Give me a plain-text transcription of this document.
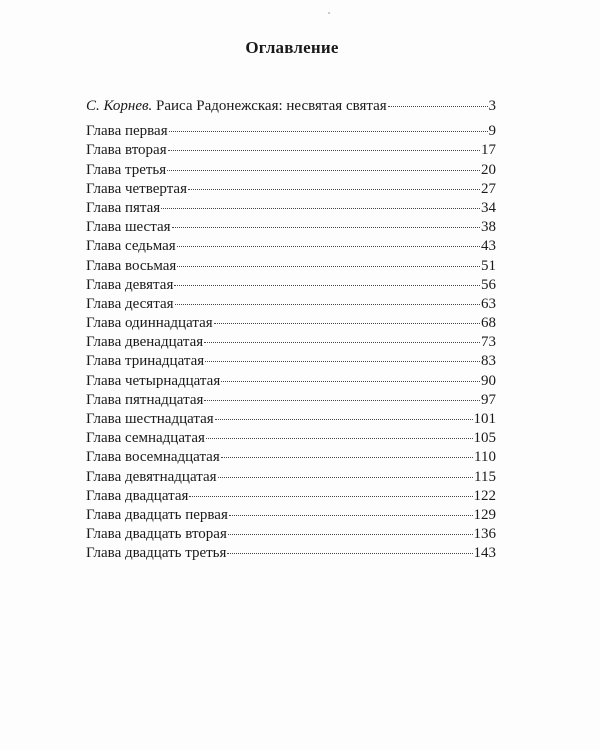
Оглавление
С. Корнев. Раиса Радонежская: несвятая святая	3
Глава первая	9
Глава вторая	17
Глава третья	20
Глава четвертая	27
Глава пятая	34
Глава шестая	38
Глава седьмая	43
Глава восьмая	51
Глава девятая	56
Глава десятая	63
Глава одиннадцатая	68
Глава двенадцатая	73
Глава тринадцатая	83
Глава четырнадцатая	90
Глава пятнадцатая	97
Глава шестнадцатая	101
Глава семнадцатая	105
Глава восемнадцатая	110
Глава девятнадцатая	115
Глава двадцатая	122
Глава двадцать первая	129
Глава двадцать вторая	136
Глава двадцать третья	143
